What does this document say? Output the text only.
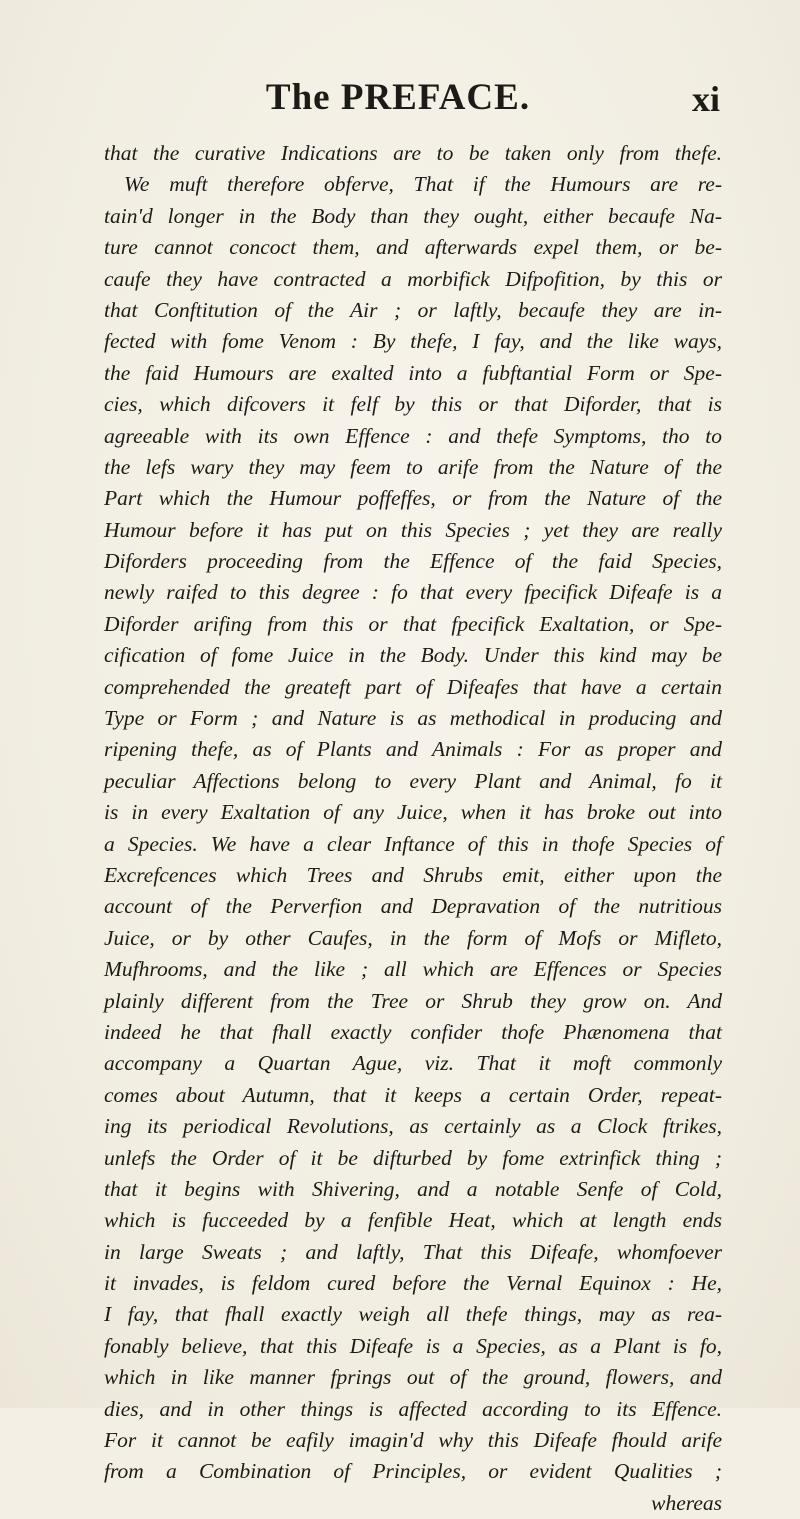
The PREFACE.	xi
that the curative Indications are to be taken only from thefe.
We muft therefore obferve, That if the Humours are re-
tain'd longer in the Body than they ought, either becaufe Na-
ture cannot concoct them, and afterwards expel them, or be-
caufe they have contracted a morbifick Difpofition, by this or
that Conftitution of the Air ; or laftly, becaufe they are in-
fected with fome Venom : By thefe, I fay, and the like ways,
the faid Humours are exalted into a fubftantial Form or Spe-
cies, which difcovers it felf by this or that Diforder, that is
agreeable with its own Effence : and thefe Symptoms, tho to
the lefs wary they may feem to arife from the Nature of the
Part which the Humour poffeffes, or from the Nature of the
Humour before it has put on this Species ; yet they are really
Diforders proceeding from the Effence of the faid Species,
newly raifed to this degree : fo that every fpecifick Difeafe is a
Diforder arifing from this or that fpecifick Exaltation, or Spe-
cification of fome Juice in the Body. Under this kind may be
comprehended the greateft part of Difeafes that have a certain
Type or Form ; and Nature is as methodical in producing and
ripening thefe, as of Plants and Animals : For as proper and
peculiar Affections belong to every Plant and Animal, fo it
is in every Exaltation of any Juice, when it has broke out into
a Species. We have a clear Inftance of this in thofe Species of
Excrefcences which Trees and Shrubs emit, either upon the
account of the Perverfion and Depravation of the nutritious
Juice, or by other Caufes, in the form of Mofs or Mifleto,
Mufhrooms, and the like ; all which are Effences or Species
plainly different from the Tree or Shrub they grow on. And
indeed he that fhall exactly confider thofe Phænomena that
accompany a Quartan Ague, viz. That it moft commonly
comes about Autumn, that it keeps a certain Order, repeat-
ing its periodical Revolutions, as certainly as a Clock ftrikes,
unlefs the Order of it be difturbed by fome extrinfick thing ;
that it begins with Shivering, and a notable Senfe of Cold,
which is fucceeded by a fenfible Heat, which at length ends
in large Sweats ; and laftly, That this Difeafe, whomfoever
it invades, is feldom cured before the Vernal Equinox : He,
I fay, that fhall exactly weigh all thefe things, may as rea-
fonably believe, that this Difeafe is a Species, as a Plant is fo,
which in like manner fprings out of the ground, flowers, and
dies, and in other things is affected according to its Effence.
For it cannot be eafily imagin'd why this Difeafe fhould arife
from a Combination of Principles, or evident Qualities ;
whereas
